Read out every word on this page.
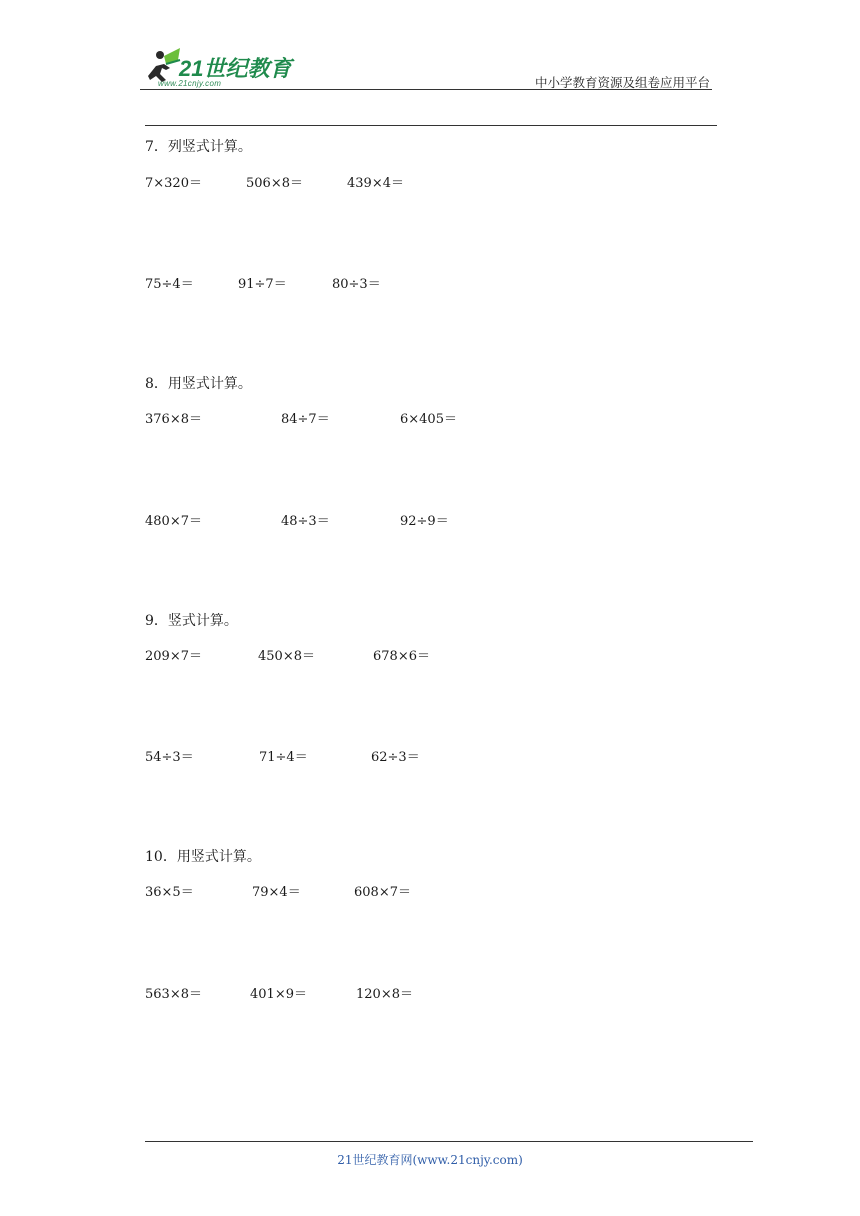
21世纪教育
www.21cnjy.com	中小学教育资源及组卷应用平台
7．列竖式计算。
7×320＝	506×8＝	439×4＝
75÷4＝	91÷7＝	80÷3＝
8．用竖式计算。
376×8＝	84÷7＝	6×405＝
480×7＝	48÷3＝	92÷9＝
9．竖式计算。
209×7＝	450×8＝	678×6＝
54÷3＝	71÷4＝	62÷3＝
10．用竖式计算。
36×5＝	79×4＝	608×7＝
563×8＝	401×9＝	120×8＝
21世纪教育网(www.21cnjy.com)
